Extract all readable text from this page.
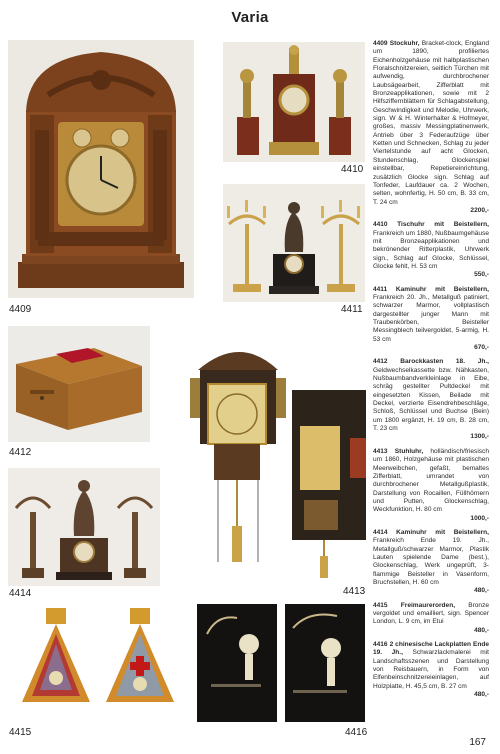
Varia
4409
4410
4411
4412
4413
4414
4415	4416
4409 Stockuhr, Bracket-clock, England um 1890, profiliertes Eichenholzgehäuse mit halbplastischen Floralschnitzereien, seitlich Türchen mit aufwendig, durchbrochener Laubsägearbeit, Zifferblatt mit Bronzeapplikationen, sowie mit 2 Hilfsziffernblättern für Schlagabstellung, Geschwindigkeit und Melodie, Uhrwerk, sign. W & H. Winterhalter & Hofmeyer, großes, massiv Messingplatinenwerk, Antrieb über 3 Federaufzüge über Ketten und Schnecken, Schlag zu jeder Viertelstunde auf acht Glocken, Stundenschlag, Glockenspiel einstellbar, Repetiereinrichtung, zusätzlich Glocke sign. Schlag auf Tonfeder, Laufdauer ca. 2 Wochen, selten, wohnfertig, H. 50 cm, B. 33 cm, T. 24 cm
2200,-
4410 Tischuhr mit Beistellern, Frankreich um 1880, Nußbaumgehäuse mit Bronzeapplikationen und bekrönender Ritterplastik, Uhrwerk sign., Schlag auf Glocke, Schlüssel, Glocke fehlt, H. 53 cm
550,-
4411 Kaminuhr mit Beistellern, Frankreich 20. Jh., Metallguß patiniert, schwarzer Marmor, vollplastisch dargestellter junger Mann mit Traubenkörben, Beisteller Messingblech teilvergoldet, 5-armig, H. 53 cm
670,-
4412 Barockkasten 18. Jh., Geldwechselkassette bzw. Nähkasten, Nußbaumbandverkleinlage in Eibe, schräg gestellter Pultdeckel mit eingesetzten Kissen, Beilade mit Deckel, verzierte Eisendrehbeschläge, Schloß, Schlüssel und Buchse (Bein) um 1800 ergänzt, H. 19 cm, B. 28 cm, T. 23 cm
1300,-
4413 Stuhluhr, holländisch/friesisch um 1860, Holzgehäuse mit plastischen Meerweibchen, gefaßt, bemaltes Zifferblatt, umrandet von durchbrochener Metallgußplastik, Darstellung von Rocaillen, Füllhörnern und Putten, Glockenschlag, Weckfunktion, H. 80 cm
1000,-
4414 Kaminuhr mit Beistellern, Frankreich Ende 19. Jh., Metallguß/schwarzer Marmor, Plastik Lauten spielende Dame (best.), Glockenschlag, Werk ungeprüft, 3-flammige Beisteller in Vasenform, Bruchstellen, H. 60 cm
480,-
4415 Freimaurerorden, Bronze vergoldet und emailliert, sign. Spencer London, L. 9 cm, im Etui
480,-
4416 2 chinesische Lackplatten Ende 19. Jh., Schwarzlackmalerei mit Landschaftsszenen und Darstellung von Reisbauern, in Form von Elfenbeinschnitzereieinlagen, auf Holzplatte, H. 45,5 cm, B. 27 cm
480,-
167
